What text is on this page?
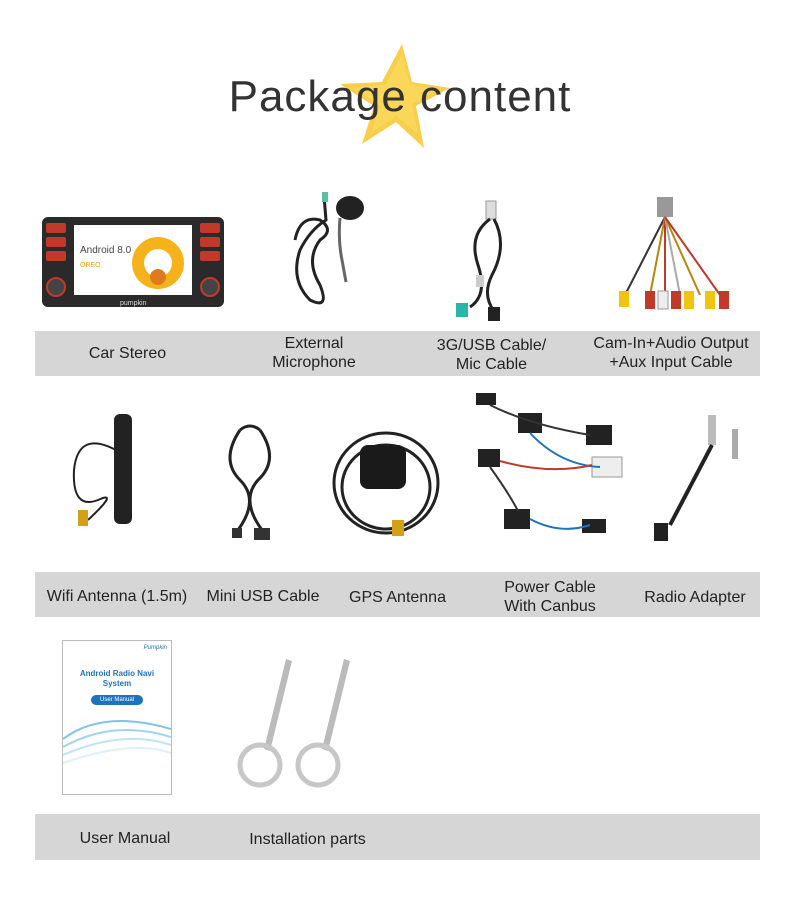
Package content
Android 8.0
OREO
pumpkin
Car Stereo
External
Microphone
3G/USB Cable/
Mic Cable
Cam-In+Audio Output
+Aux Input Cable
Wifi Antenna (1.5m)	Mini USB Cable	GPS Antenna
Power Cable
With Canbus
Radio Adapter
Pumpkin
Android Radio Navi
System
User Manual
User Manual	Installation parts
